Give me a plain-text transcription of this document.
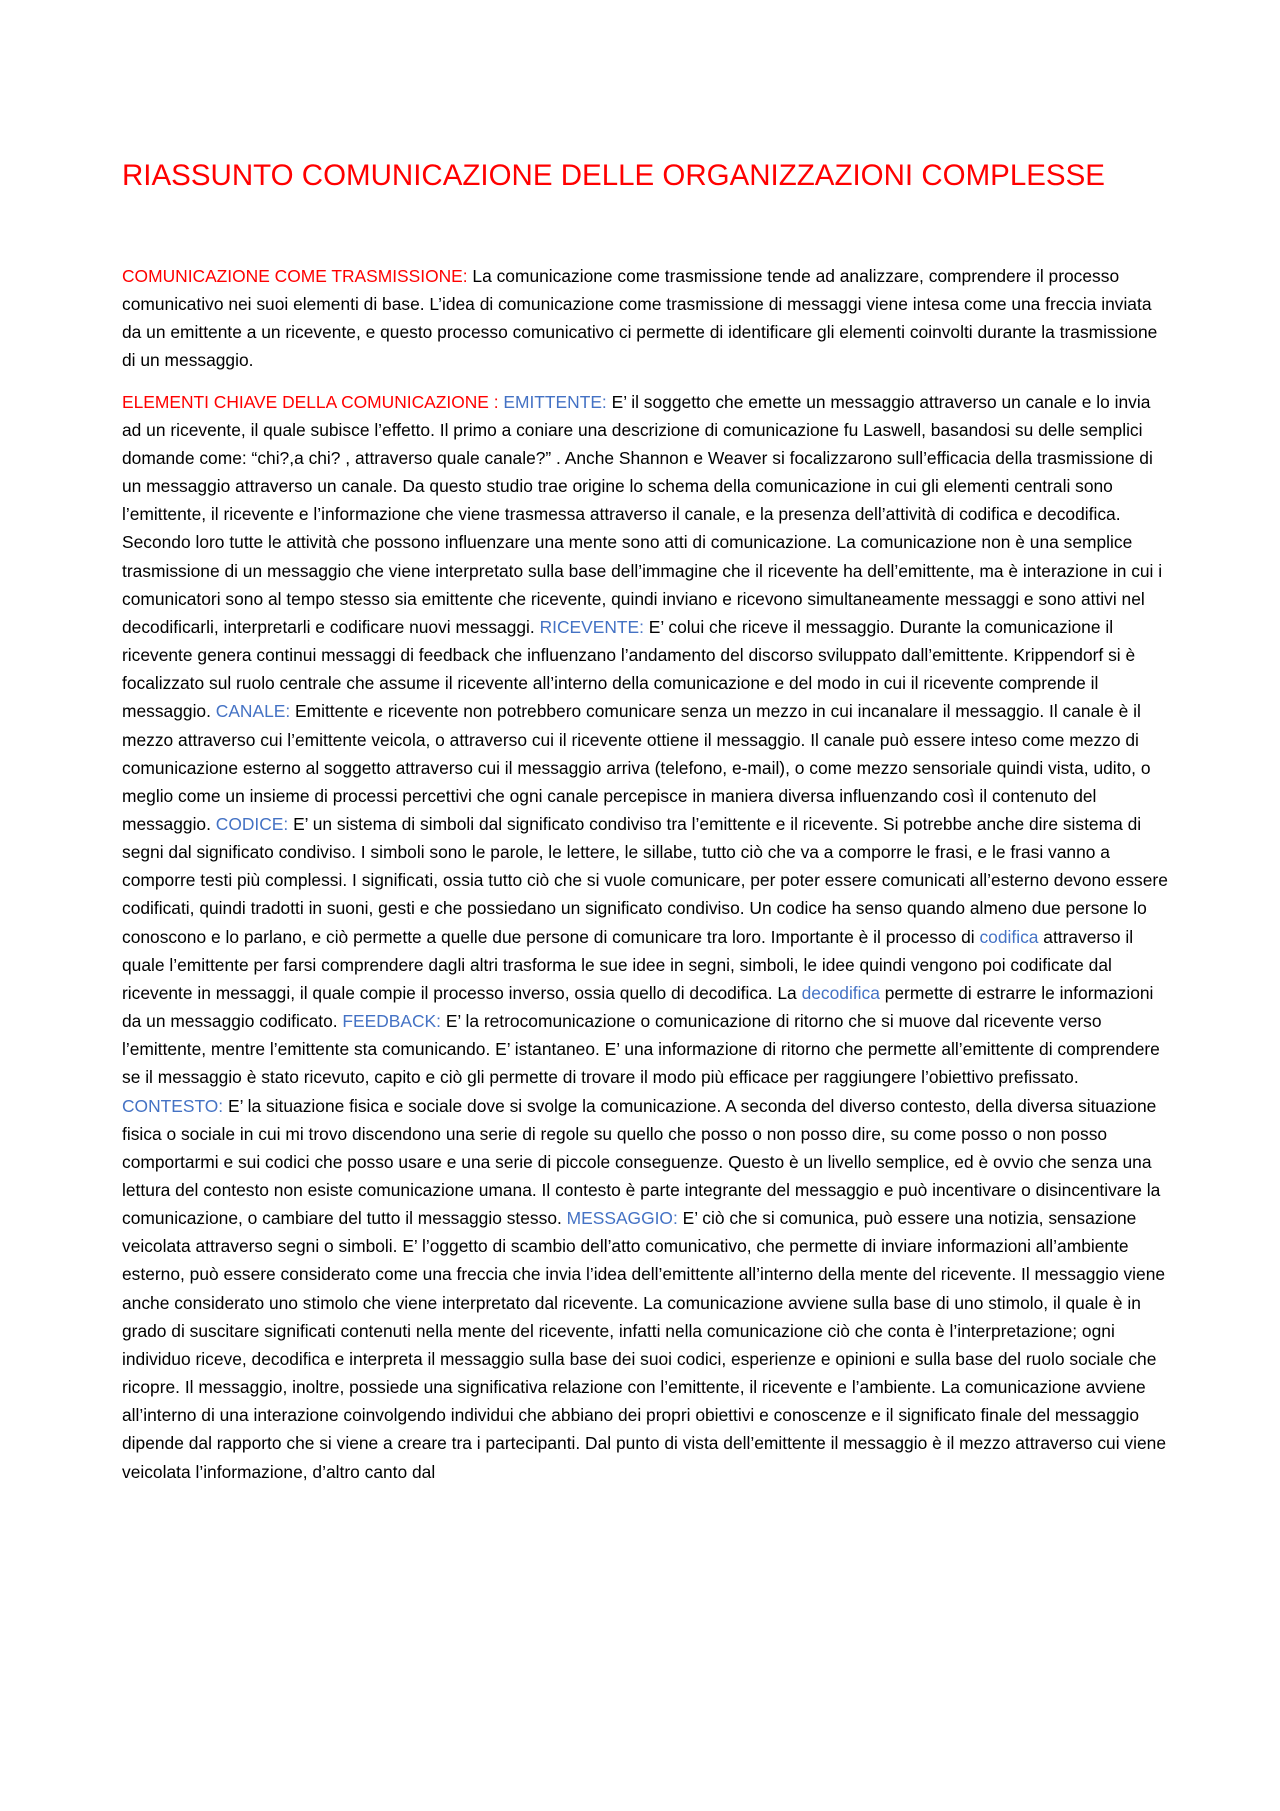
RIASSUNTO COMUNICAZIONE DELLE ORGANIZZAZIONI COMPLESSE

COMUNICAZIONE COME TRASMISSIONE: La comunicazione come trasmissione tende ad analizzare, comprendere il processo comunicativo nei suoi elementi di base. L’idea di comunicazione come trasmissione di messaggi viene intesa come una freccia inviata da un emittente a un ricevente, e questo processo comunicativo ci permette di identificare gli elementi coinvolti durante la trasmissione di un messaggio.

ELEMENTI CHIAVE DELLA COMUNICAZIONE : EMITTENTE: E’ il soggetto che emette un messaggio attraverso un canale e lo invia ad un ricevente, il quale subisce l’effetto. Il primo a coniare una descrizione di comunicazione fu Laswell, basandosi su delle semplici domande come: “chi?,a chi? , attraverso quale canale?” . Anche Shannon e Weaver si focalizzarono sull’efficacia della trasmissione di un messaggio attraverso un canale. Da questo studio trae origine lo schema della comunicazione in cui gli elementi centrali sono l’emittente, il ricevente e l’informazione che viene trasmessa attraverso il canale, e la presenza dell’attività di codifica e decodifica. Secondo loro tutte le attività che possono influenzare una mente sono atti di comunicazione. La comunicazione non è una semplice trasmissione di un messaggio che viene interpretato sulla base dell’immagine che il ricevente ha dell’emittente, ma è interazione in cui i comunicatori sono al tempo stesso sia emittente che ricevente, quindi inviano e ricevono simultaneamente messaggi e sono attivi nel decodificarli, interpretarli e codificare nuovi messaggi. RICEVENTE: E’ colui che riceve il messaggio. Durante la comunicazione il ricevente genera continui messaggi di feedback che influenzano l’andamento del discorso sviluppato dall’emittente. Krippendorf si è focalizzato sul ruolo centrale che assume il ricevente all’interno della comunicazione e del modo in cui il ricevente comprende il messaggio. CANALE: Emittente e ricevente non potrebbero comunicare senza un mezzo in cui incanalare il messaggio. Il canale è il mezzo attraverso cui l’emittente veicola, o attraverso cui il ricevente ottiene il messaggio. Il canale può essere inteso come mezzo di comunicazione esterno al soggetto attraverso cui il messaggio arriva (telefono, e-mail), o come mezzo sensoriale quindi vista, udito, o meglio come un insieme di processi percettivi che ogni canale percepisce in maniera diversa influenzando così il contenuto del messaggio. CODICE: E’ un sistema di simboli dal significato condiviso tra l’emittente e il ricevente. Si potrebbe anche dire sistema di segni dal significato condiviso. I simboli sono le parole, le lettere, le sillabe, tutto ciò che va a comporre le frasi, e le frasi vanno a comporre testi più complessi. I significati, ossia tutto ciò che si vuole comunicare, per poter essere comunicati all’esterno devono essere codificati, quindi tradotti in suoni, gesti e che possiedano un significato condiviso. Un codice ha senso quando almeno due persone lo conoscono e lo parlano, e ciò permette a quelle due persone di comunicare tra loro. Importante è il processo di codifica attraverso il quale l’emittente per farsi comprendere dagli altri trasforma le sue idee in segni, simboli, le idee quindi vengono poi codificate dal ricevente in messaggi, il quale compie il processo inverso, ossia quello di decodifica. La decodifica permette di estrarre le informazioni da un messaggio codificato. FEEDBACK: E’ la retrocomunicazione o comunicazione di ritorno che si muove dal ricevente verso l’emittente, mentre l’emittente sta comunicando. E’ istantaneo. E’ una informazione di ritorno che permette all’emittente di comprendere se il messaggio è stato ricevuto, capito e ciò gli permette di trovare il modo più efficace per raggiungere l’obiettivo prefissato. CONTESTO: E’ la situazione fisica e sociale dove si svolge la comunicazione. A seconda del diverso contesto, della diversa situazione fisica o sociale in cui mi trovo discendono una serie di regole su quello che posso o non posso dire, su come posso o non posso comportarmi e sui codici che posso usare e una serie di piccole conseguenze. Questo è un livello semplice, ed è ovvio che senza una lettura del contesto non esiste comunicazione umana. Il contesto è parte integrante del messaggio e può incentivare o disincentivare la comunicazione, o cambiare del tutto il messaggio stesso. MESSAGGIO: E’ ciò che si comunica, può essere una notizia, sensazione veicolata attraverso segni o simboli. E’ l’oggetto di scambio dell’atto comunicativo, che permette di inviare informazioni all’ambiente esterno, può essere considerato come una freccia che invia l’idea dell’emittente all’interno della mente del ricevente. Il messaggio viene anche considerato uno stimolo che viene interpretato dal ricevente. La comunicazione avviene sulla base di uno stimolo, il quale è in grado di suscitare significati contenuti nella mente del ricevente, infatti nella comunicazione ciò che conta è l’interpretazione; ogni individuo riceve, decodifica e interpreta il messaggio sulla base dei suoi codici, esperienze e opinioni e sulla base del ruolo sociale che ricopre. Il messaggio, inoltre, possiede una significativa relazione con l’emittente, il ricevente e l’ambiente. La comunicazione avviene all’interno di una interazione coinvolgendo individui che abbiano dei propri obiettivi e conoscenze e il significato finale del messaggio dipende dal rapporto che si viene a creare tra i partecipanti. Dal punto di vista dell’emittente il messaggio è il mezzo attraverso cui viene veicolata l’informazione, d’altro canto dal
